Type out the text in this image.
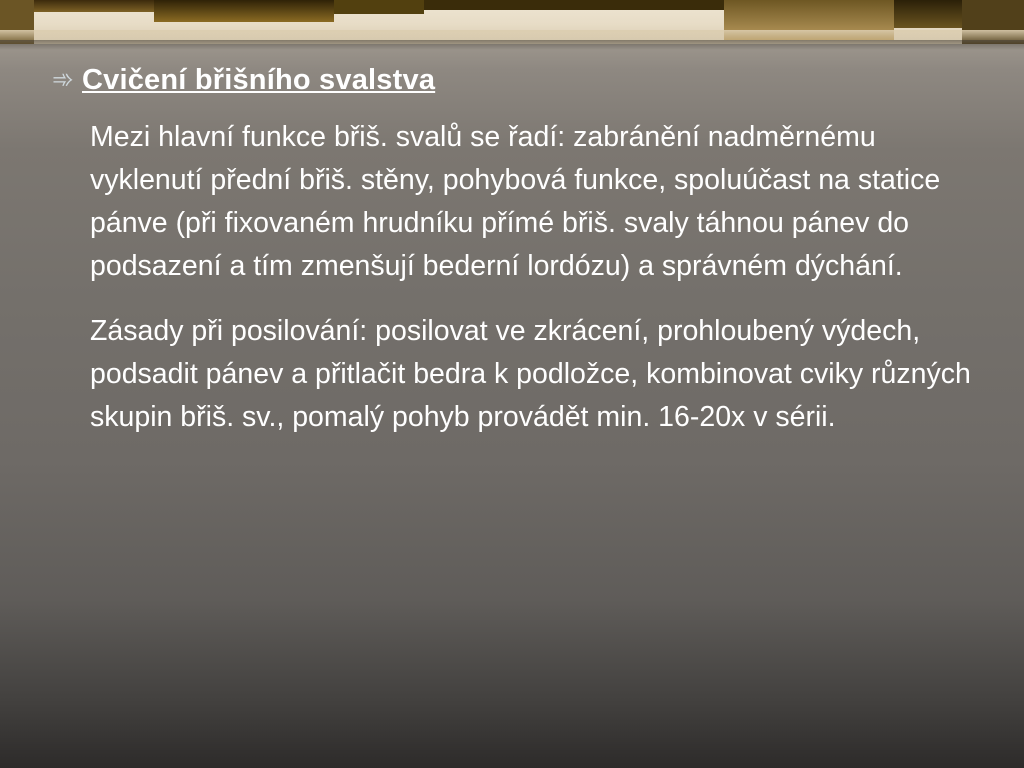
➾ Cvičení břišního svalstva

Mezi hlavní funkce břiš. svalů se řadí: zabránění nadměrnému vyklenutí přední břiš. stěny, pohybová funkce, spoluúčast na statice pánve (při fixovaném hrudníku přímé břiš. svaly táhnou pánev do podsazení a tím zmenšují bederní lordózu) a správném dýchání.

Zásady při posilování: posilovat ve zkrácení, prohloubený výdech, podsadit pánev a přitlačit bedra k podložce, kombinovat cviky různých skupin břiš. sv., pomalý pohyb provádět min. 16-20x v sérii.
